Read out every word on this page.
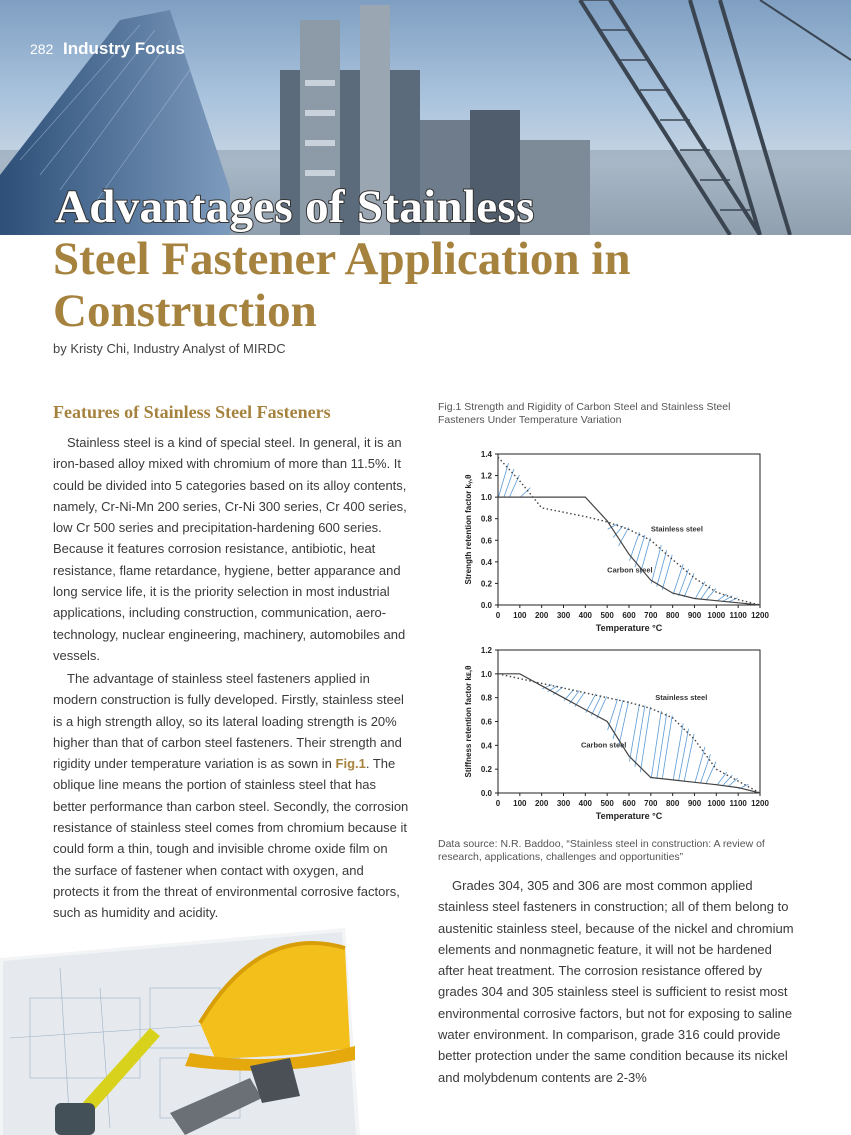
282 Industry Focus
Advantages of Stainless
Steel Fastener Application in
Construction
by Kristy Chi, Industry Analyst of MIRDC
Features of Stainless Steel Fasteners

Stainless steel is a kind of special steel. In general, it is an iron-based alloy mixed with chromium of more than 11.5%. It could be divided into 5 categories based on its alloy contents, namely, Cr-Ni-Mn 200 series, Cr-Ni 300 series, Cr 400 series, low Cr 500 series and precipitation-hardening 600 series. Because it features corrosion resistance, antibiotic, heat resistance, flame retardance, hygiene, better apparance and long service life, it is the priority selection in most industrial applications, including construction, communication, aero-technology, nuclear engineering, machinery, automobiles and vessels.

The advantage of stainless steel fasteners applied in modern construction is fully developed. Firstly, stainless steel is a high strength alloy, so its lateral loading strength is 20% higher than that of carbon steel fasteners. Their strength and rigidity under temperature variation is as sown in Fig.1. The oblique line means the portion of stainless steel that has better performance than carbon steel. Secondly, the corrosion resistance of stainless steel comes from chromium because it could form a thin, tough and invisible chrome oxide film on the surface of fastener when contact with oxygen, and protects it from the threat of environmental corrosive factors, such as humidity and acidity.

Fig.1 Strength and Rigidity of Carbon Steel and Stainless Steel Fasteners Under Temperature Variation
0.0
0.2
0.4
0.6
0.8
1.0
1.2
1.4
0 100 200 300 400 500 600 700 800 900 1000 1100 1200
Stainless steel
Carbon steel
Temperature °C
Strength retention factor kᵧ,θ
0.0
0.2
0.4
0.6
0.8
1.0
1.2
0 100 200 300 400 500 600 700 800 900 1000 1100 1200
Stainless steel
Carbon steel
Temperature °C
Stiffness retention factor kᴇ,θ
Data source: N.R. Baddoo, “Stainless steel in construction: A review of research, applications, challenges and opportunities”

Grades 304, 305 and 306 are most common applied stainless steel fasteners in construction; all of them belong to austenitic stainless steel, because of the nickel and chromium elements and nonmagnetic feature, it will not be hardened after heat treatment. The corrosion resistance offered by grades 304 and 305 stainless steel is sufficient to resist most environmental corrosive factors, but not for exposing to saline water environment. In comparison, grade 316 could provide better protection under the same condition because its nickel and molybdenum contents are 2-3%
